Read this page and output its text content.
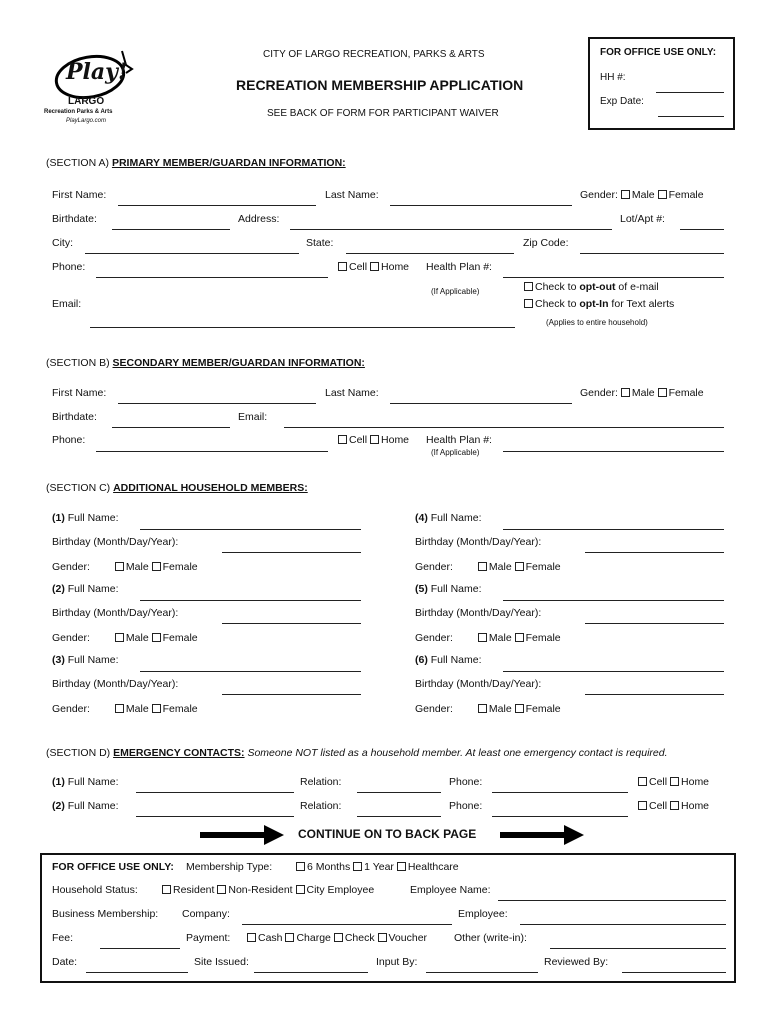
Play!
LARGO
Recreation Parks & Arts
PlayLargo.com
CITY OF LARGO RECREATION, PARKS & ARTS
RECREATION MEMBERSHIP APPLICATION
SEE BACK OF FORM FOR PARTICIPANT WAIVER
FOR OFFICE USE ONLY:
HH #:
Exp Date:
(SECTION A) PRIMARY MEMBER/GUARDAN INFORMATION:
First Name:	Last Name:	Gender: Male Female
Birthdate:	Address:	Lot/Apt #:
City:	State:	Zip Code:
Phone:	Cell Home Health Plan #:
(If Applicable)	Check to opt-out of e-mail
Check to opt-In for Text alerts
(Applies to entire household)
Email:
(SECTION B) SECONDARY MEMBER/GUARDAN INFORMATION:
First Name:	Last Name:	Gender: Male Female
Birthdate:	Email:
Phone:	Cell Home Health Plan #:
(If Applicable)
(SECTION C) ADDITIONAL HOUSEHOLD MEMBERS:
(1) Full Name:
Birthday (Month/Day/Year):
Gender:	Male Female
(2) Full Name:
Birthday (Month/Day/Year):
Gender:	Male Female
(3) Full Name:
Birthday (Month/Day/Year):
Gender:	Male Female
(4) Full Name:
Birthday (Month/Day/Year):
Gender:	Male Female
(5) Full Name:
Birthday (Month/Day/Year):
Gender:	Male Female
(6) Full Name:
Birthday (Month/Day/Year):
Gender:	Male Female
(SECTION D) EMERGENCY CONTACTS: Someone NOT listed as a household member. At least one emergency contact is required.
(1) Full Name:	Relation:	Phone:	Cell Home
(2) Full Name:	Relation:	Phone:	Cell Home
CONTINUE ON TO BACK PAGE
FOR OFFICE USE ONLY: Membership Type:	6 Months 1 Year Healthcare
Household Status:	Resident Non-Resident City Employee	Employee Name:
Business Membership: Company:	Employee:
Fee:	Payment:	Cash Charge Check Voucher	Other (write-in):
Date:	Site Issued:	Input By:	Reviewed By:
